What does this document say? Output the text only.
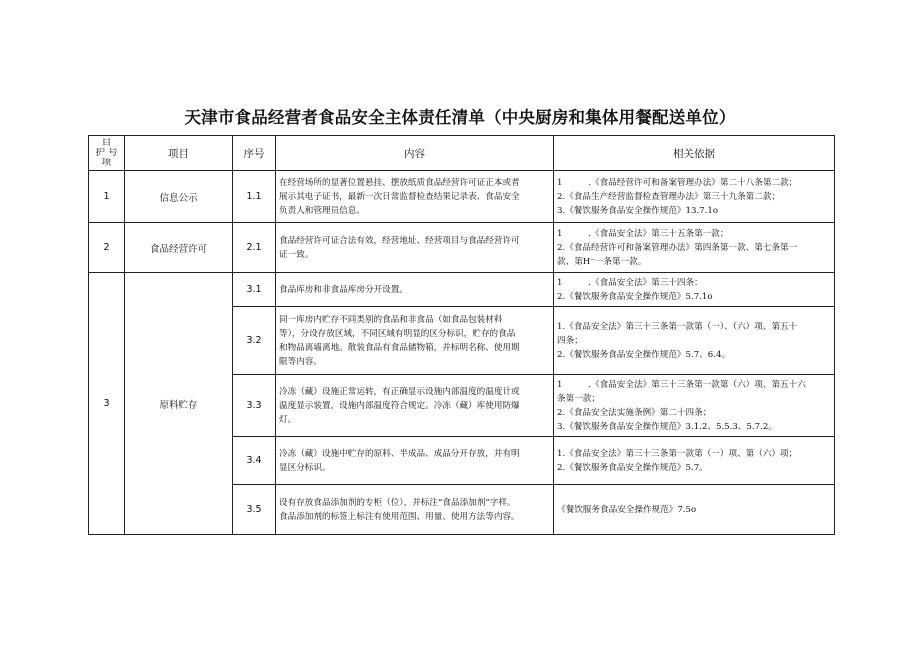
天津市食品经营者食品安全主体责任清单（中央厨房和集体用餐配送单位）
目
护 号
项	项目	序号	内容	相关依据
1	信息公示	1.1	在经营场所的显著位置悬挂、摆放纸质食品经营许可证正本或者
展示其电子证书，最新一次日常监督检查结果记录表、食品安全
负责人和管理员信息。	1　　　.《食品经营许可和备案管理办法》第二十八条第二款；
2.《食品生产经营监督检查管理办法》第三十九条第二款；
3.《餐饮服务食品安全操作规范》13.7.1o

2	食品经营许可	2.1	食品经营许可证合法有效，经营地址、经营项目与食品经营许可
证一致。	1　　　.《食品安全法》第三十五条第一款；
2.《食品经营许可和备案管理办法》第四条第一款、第七条第一
款、第H⁻一条第一款。

3	原料贮存	3.1	食品库房和非食品库房分开设置。	1　　　.《食品安全法》第三十四条：
2.《餐饮服务食品安全操作规范》5.7.1o

		3.2	同一库房内贮存不同类别的食品和非食品（如食品包装材料
等），分设存放区域，不同区域有明显的区分标识，贮存的食品
和物品离墙离地。散装食品有食品储物箱，并标明名称、使用期
限等内容。	1.《食品安全法》第三十三条第一款第（一）、（六）项、第五十
四条；
2.《餐饮服务食品安全操作规范》5.7、6.4。

		3.3	冷冻（藏）设施正常运转，有正确显示设施内部温度的温度计或
温度显示装置，设施内部温度符合规定。冷冻（藏）库使用防爆
灯。	1　　　.《食品安全法》第三十三条第一款第（六）项、第五十六
条第一款；
2.《食品安全法实施条例》第二十四条；
3.《餐饮服务食品安全操作规范》3.1.2、5.5.3、5.7.2。

		3.4	冷冻（藏）设施中贮存的原料、半成品、成品分开存放，并有明
显区分标识。	1.《食品安全法》第三十三条第一款第（一）项、第（六）项；
2.《餐饮服务食品安全操作规范》5.7。

		3.5	设有存放食品添加剂的专柜（位），并标注“食品添加剂”字样。
食品添加剂的标签上标注有使用范围、用量、使用方法等内容。	《餐饮服务食品安全操作规范》7.5o
